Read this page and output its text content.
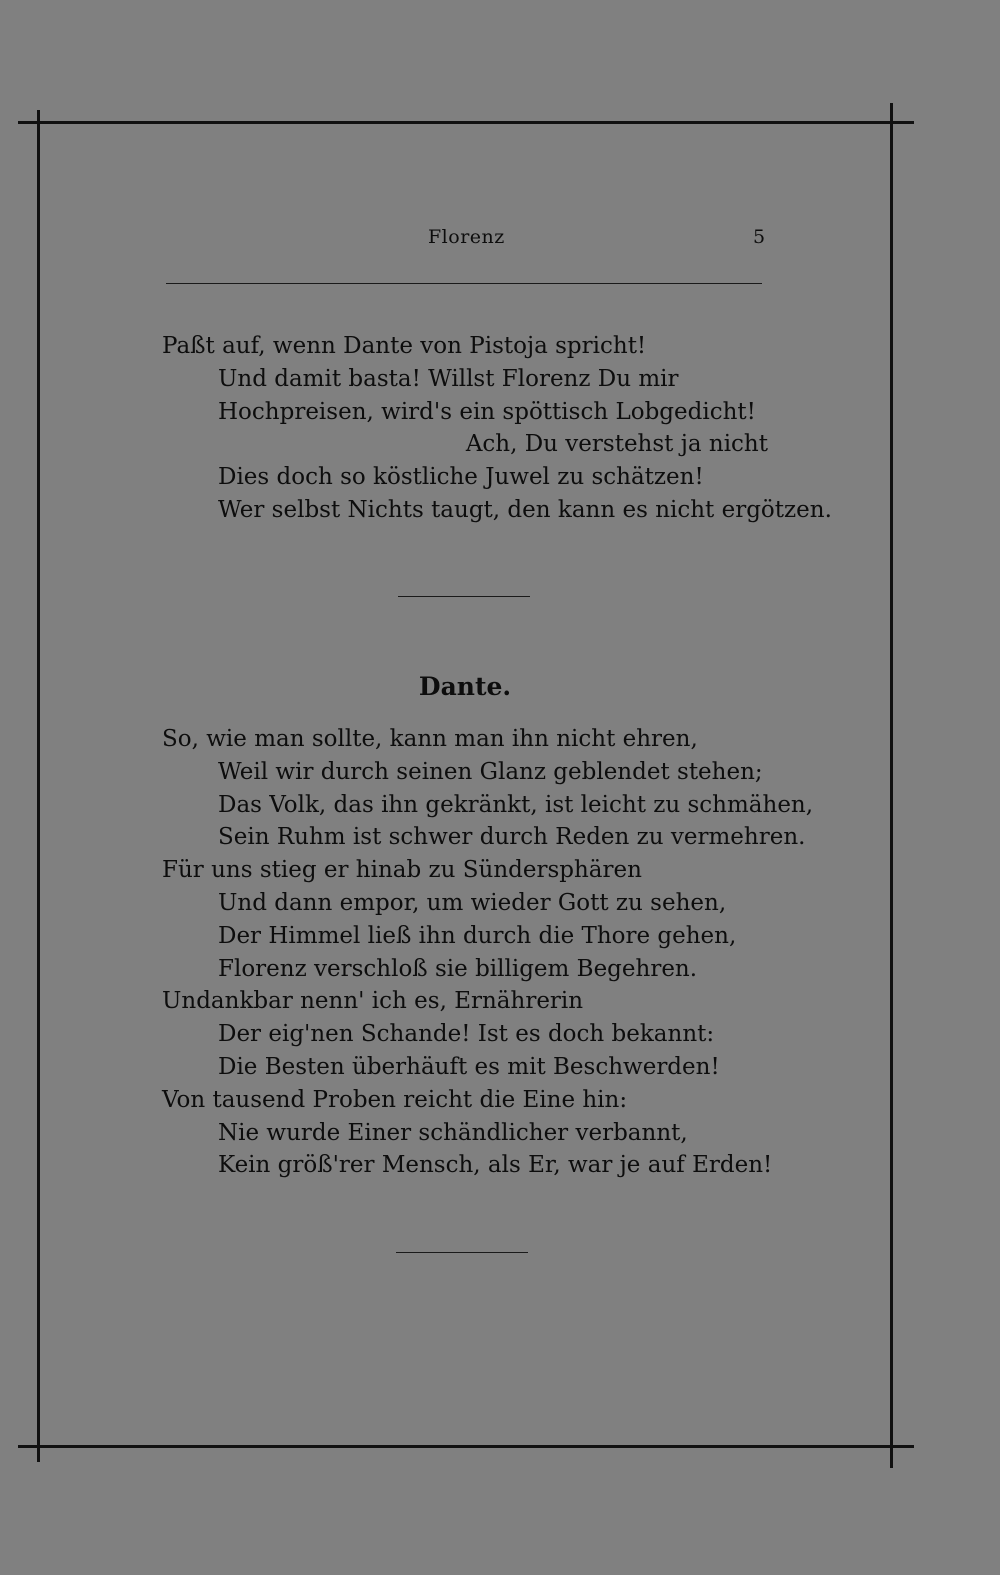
Florenz	5
Paßt auf, wenn Dante von Pistoja spricht!
Und damit basta! Willst Florenz Du mir
Hochpreisen, wird's ein spöttisch Lobgedicht!
Ach, Du verstehst ja nicht
Dies doch so köstliche Juwel zu schätzen!
Wer selbst Nichts taugt, den kann es nicht ergötzen.
Dante.
So, wie man sollte, kann man ihn nicht ehren,
Weil wir durch seinen Glanz geblendet stehen;
Das Volk, das ihn gekränkt, ist leicht zu schmähen,
Sein Ruhm ist schwer durch Reden zu vermehren.
Für uns stieg er hinab zu Sündersphären
Und dann empor, um wieder Gott zu sehen,
Der Himmel ließ ihn durch die Thore gehen,
Florenz verschloß sie billigem Begehren.
Undankbar nenn' ich es, Ernährerin
Der eig'nen Schande! Ist es doch bekannt:
Die Besten überhäuft es mit Beschwerden!
Von tausend Proben reicht die Eine hin:
Nie wurde Einer schändlicher verbannt,
Kein größ'rer Mensch, als Er, war je auf Erden!
